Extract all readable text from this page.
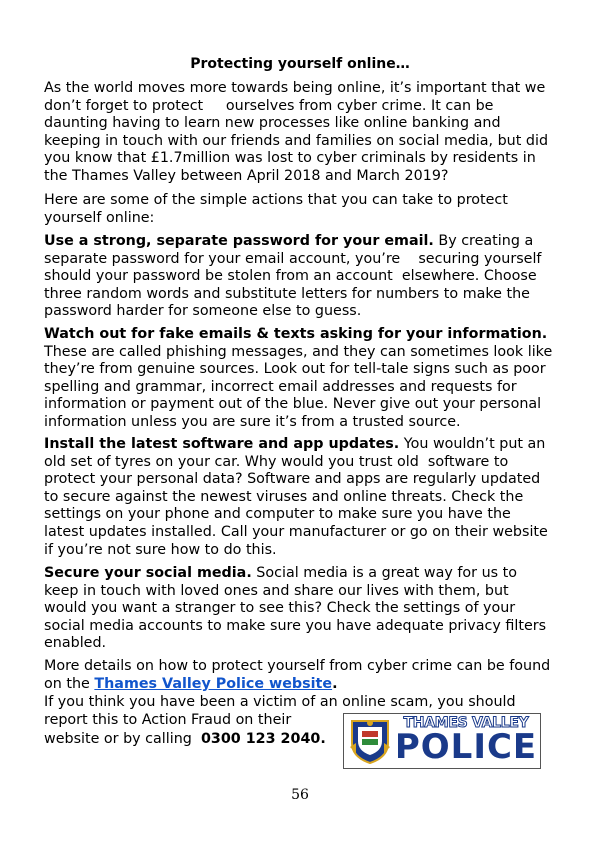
Protecting yourself online…
As the world moves more towards being online, it’s important that we
don’t forget to protect     ourselves from cyber crime. It can be
daunting having to learn new processes like online banking and
keeping in touch with our friends and families on social media, but did
you know that £1.7million was lost to cyber criminals by residents in
the Thames Valley between April 2018 and March 2019?
Here are some of the simple actions that you can take to protect
yourself online:
Use a strong, separate password for your email. By creating a
separate password for your email account, you’re    securing yourself
should your password be stolen from an account  elsewhere. Choose
three random words and substitute letters for numbers to make the
password harder for someone else to guess.
Watch out for fake emails & texts asking for your information.
These are called phishing messages, and they can sometimes look like
they’re from genuine sources. Look out for tell-tale signs such as poor
spelling and grammar, incorrect email addresses and requests for
information or payment out of the blue. Never give out your personal
information unless you are sure it’s from a trusted source.
Install the latest software and app updates. You wouldn’t put an
old set of tyres on your car. Why would you trust old  software to
protect your personal data? Software and apps are regularly updated
to secure against the newest viruses and online threats. Check the
settings on your phone and computer to make sure you have the
latest updates installed. Call your manufacturer or go on their website
if you’re not sure how to do this.
Secure your social media. Social media is a great way for us to
keep in touch with loved ones and share our lives with them, but
would you want a stranger to see this? Check the settings of your
social media accounts to make sure you have adequate privacy filters
enabled.
More details on how to protect yourself from cyber crime can be found
on the Thames Valley Police website.
If you think you have been a victim of an online scam, you should
report this to Action Fraud on their
website or by calling  0300 123 2040.
THAMES VALLEY
POLICE
56
